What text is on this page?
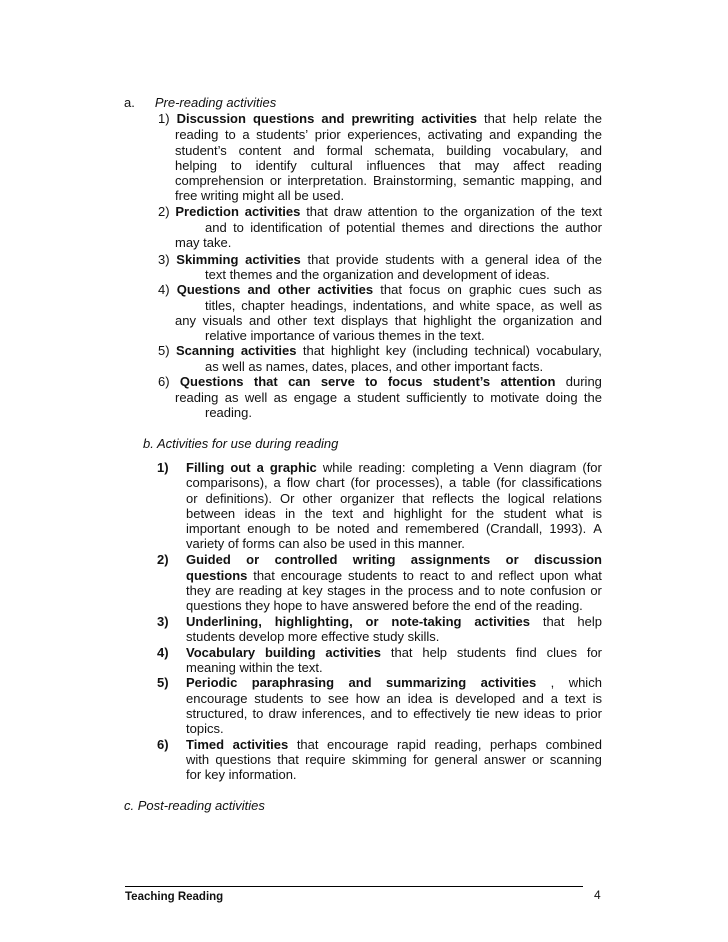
a. Pre-reading activities
1) Discussion questions and prewriting activities that help relate the
reading to a students’ prior experiences, activating and expanding the
student’s content and formal schemata, building vocabulary, and
helping to identify cultural influences that may affect reading
comprehension or interpretation. Brainstorming, semantic mapping, and
free writing might all be used.
2) Prediction activities that draw attention to the organization of the text
and to identification of potential themes and directions the author
may take.
3) Skimming activities that provide students with a general idea of the
text themes and the organization and development of ideas.
4) Questions and other activities that focus on graphic cues such as
titles, chapter headings, indentations, and white space, as well as
any visuals and other text displays that highlight the organization and
relative importance of various themes in the text.
5) Scanning activities that highlight key (including technical) vocabulary,
as well as names, dates, places, and other important facts.
6) Questions that can serve to focus student’s attention during
reading as well as engage a student sufficiently to motivate doing the
reading.
b. Activities for use during reading
1) Filling out a graphic while reading: completing a Venn diagram (for
comparisons), a flow chart (for processes), a table (for classifications
or definitions). Or other organizer that reflects the logical relations
between ideas in the text and highlight for the student what is
important enough to be noted and remembered (Crandall, 1993). A
variety of forms can also be used in this manner.
2) Guided or controlled writing assignments or discussion
questions that encourage students to react to and reflect upon what
they are reading at key stages in the process and to note confusion or
questions they hope to have answered before the end of the reading.
3) Underlining, highlighting, or note-taking activities that help
students develop more effective study skills.
4) Vocabulary building activities that help students find clues for
meaning within the text.
5) Periodic paraphrasing and summarizing activities , which
encourage students to see how an idea is developed and a text is
structured, to draw inferences, and to effectively tie new ideas to prior
topics.
6) Timed activities that encourage rapid reading, perhaps combined
with questions that require skimming for general answer or scanning
for key information.
c. Post-reading activities
Teaching Reading	4
